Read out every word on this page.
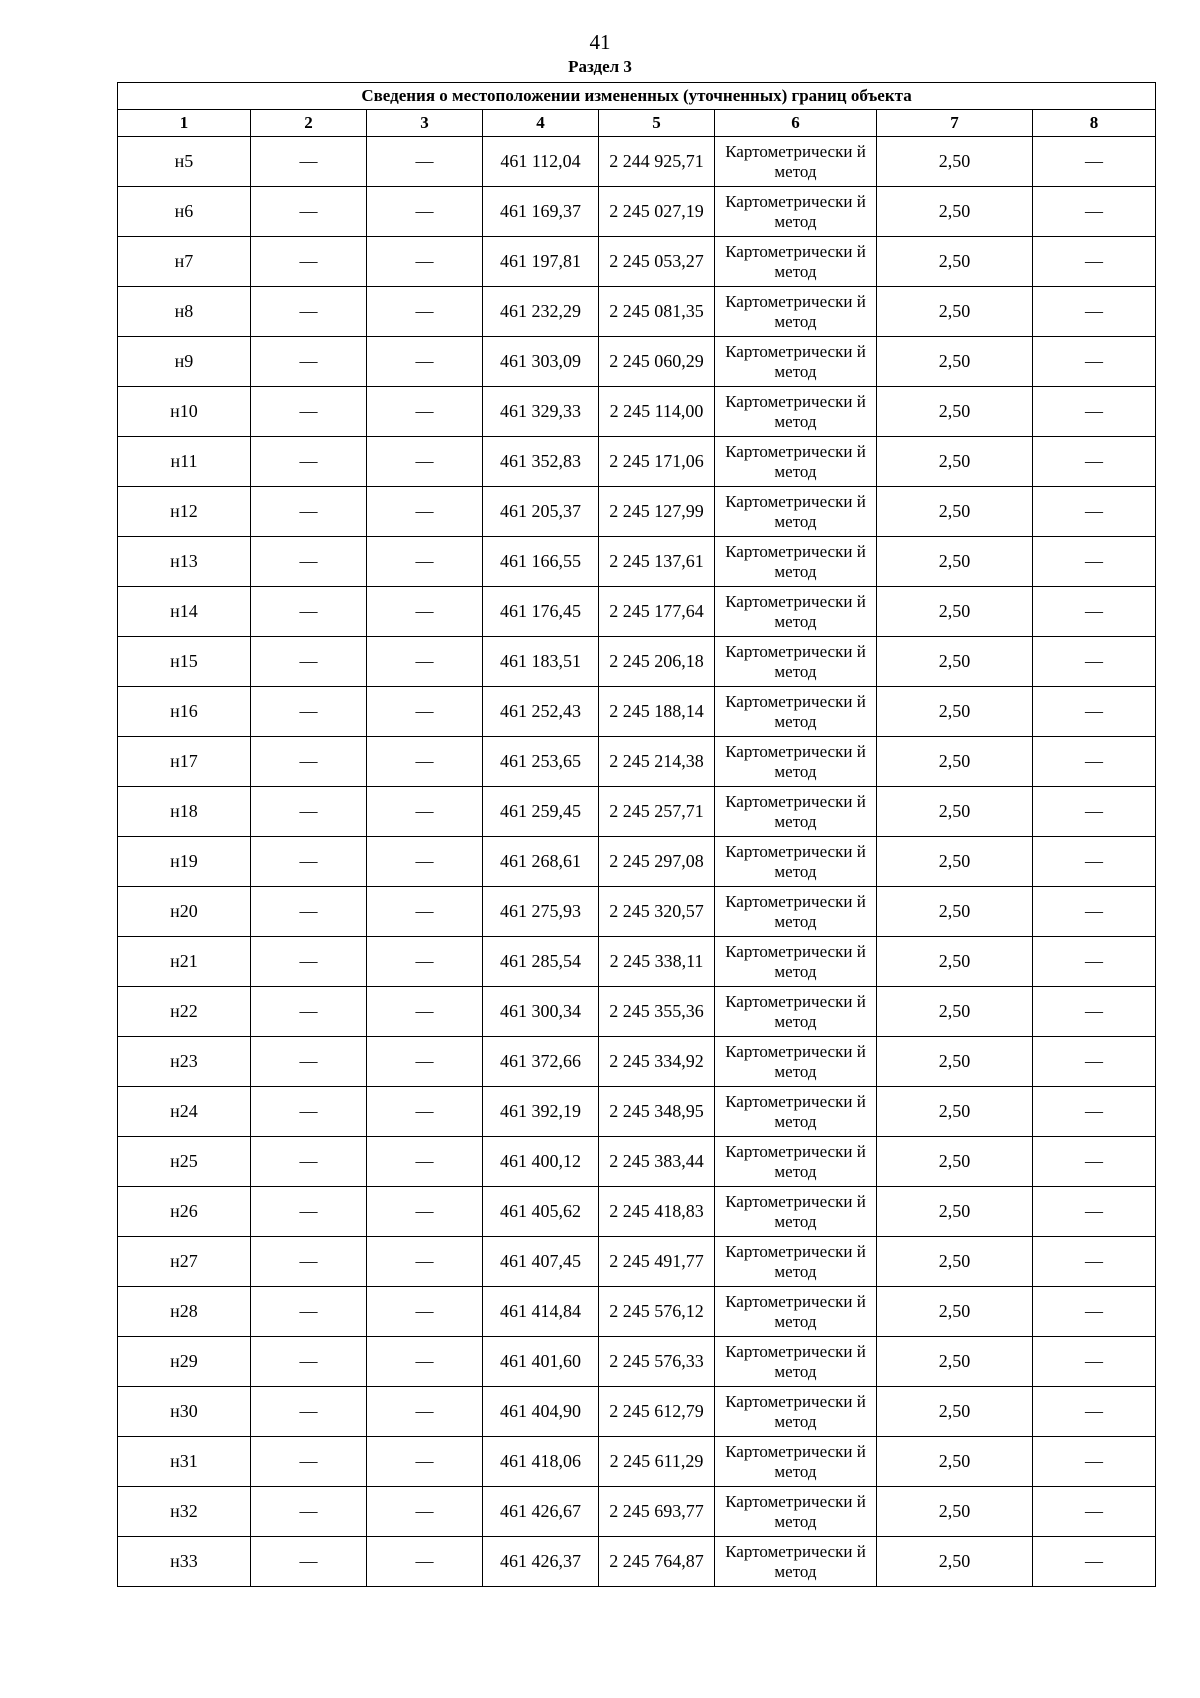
41
Раздел 3
Сведения о местоположении измененных (уточненных) границ объекта							
1	2	3	4	5	6	7	8
н5	—	—	461 112,04	2 244 925,71	Картометрически й метод	2,50	—
н6	—	—	461 169,37	2 245 027,19	Картометрически й метод	2,50	—
н7	—	—	461 197,81	2 245 053,27	Картометрически й метод	2,50	—
н8	—	—	461 232,29	2 245 081,35	Картометрически й метод	2,50	—
н9	—	—	461 303,09	2 245 060,29	Картометрически й метод	2,50	—
н10	—	—	461 329,33	2 245 114,00	Картометрически й метод	2,50	—
н11	—	—	461 352,83	2 245 171,06	Картометрически й метод	2,50	—
н12	—	—	461 205,37	2 245 127,99	Картометрически й метод	2,50	—
н13	—	—	461 166,55	2 245 137,61	Картометрически й метод	2,50	—
н14	—	—	461 176,45	2 245 177,64	Картометрически й метод	2,50	—
н15	—	—	461 183,51	2 245 206,18	Картометрически й метод	2,50	—
н16	—	—	461 252,43	2 245 188,14	Картометрически й метод	2,50	—
н17	—	—	461 253,65	2 245 214,38	Картометрически й метод	2,50	—
н18	—	—	461 259,45	2 245 257,71	Картометрически й метод	2,50	—
н19	—	—	461 268,61	2 245 297,08	Картометрически й метод	2,50	—
н20	—	—	461 275,93	2 245 320,57	Картометрически й метод	2,50	—
н21	—	—	461 285,54	2 245 338,11	Картометрически й метод	2,50	—
н22	—	—	461 300,34	2 245 355,36	Картометрически й метод	2,50	—
н23	—	—	461 372,66	2 245 334,92	Картометрически й метод	2,50	—
н24	—	—	461 392,19	2 245 348,95	Картометрически й метод	2,50	—
н25	—	—	461 400,12	2 245 383,44	Картометрически й метод	2,50	—
н26	—	—	461 405,62	2 245 418,83	Картометрически й метод	2,50	—
н27	—	—	461 407,45	2 245 491,77	Картометрически й метод	2,50	—
н28	—	—	461 414,84	2 245 576,12	Картометрически й метод	2,50	—
н29	—	—	461 401,60	2 245 576,33	Картометрически й метод	2,50	—
н30	—	—	461 404,90	2 245 612,79	Картометрически й метод	2,50	—
н31	—	—	461 418,06	2 245 611,29	Картометрически й метод	2,50	—
н32	—	—	461 426,67	2 245 693,77	Картометрически й метод	2,50	—
н33	—	—	461 426,37	2 245 764,87	Картометрически й метод	2,50	—
